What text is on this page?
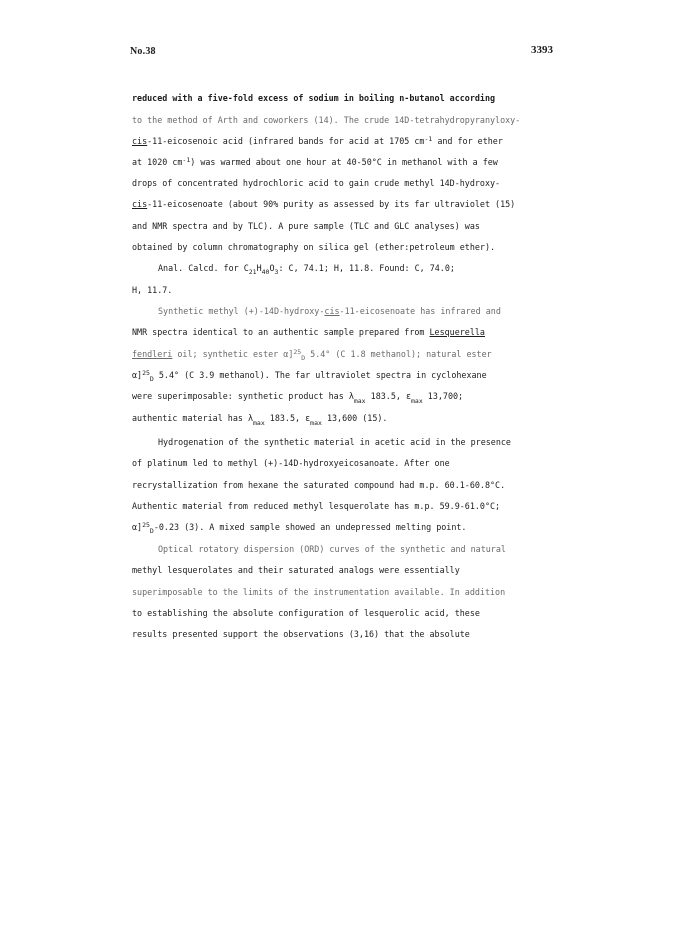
No.38	3393
reduced with a five-fold excess of sodium in boiling n-butanol according
to the method of Arth and coworkers (14). The crude 14D-tetrahydropyranyloxy-
cis-11-eicosenoic acid (infrared bands for acid at 1705 $cm^{-1}$ and for ether
at 1020 $cm^{-1}$) was warmed about one hour at 40-50°C in methanol with a few
drops of concentrated hydrochloric acid to gain crude methyl 14D-hydroxy-
cis-11-eicosenoate (about 90% purity as assessed by its far ultraviolet (15)
and NMR spectra and by TLC). A pure sample (TLC and GLC analyses) was
obtained by column chromatography on silica gel (ether:petroleum ether).
Anal. Calcd. for $C_{21}H_{40}O_3$: C, 74.1; H, 11.8. Found: C, 74.0;
H, 11.7.
Synthetic methyl (+)-14D-hydroxy-cis-11-eicosenoate has infrared and
NMR spectra identical to an authentic sample prepared from Lesquerella
fendleri oil; synthetic ester α]$^{25}_D$ 5.4° (C 1.8 methanol); natural ester
α]$^{25}_D$ 5.4° (C 3.9 methanol). The far ultraviolet spectra in cyclohexane
were superimposable: synthetic product has $\lambda_{max}$ 183.5, $\varepsilon_{max}$ 13,700;
authentic material has $\lambda_{max}$ 183.5, $\varepsilon_{max}$ 13,600 (15).
Hydrogenation of the synthetic material in acetic acid in the presence
of platinum led to methyl (+)-14D-hydroxyeicosanoate. After one
recrystallization from hexane the saturated compound had m.p. 60.1-60.8°C.
Authentic material from reduced methyl lesquerolate has m.p. 59.9-61.0°C;
α]$^{25}_D$-0.23 (3). A mixed sample showed an undepressed melting point.
Optical rotatory dispersion (ORD) curves of the synthetic and natural
methyl lesquerolates and their saturated analogs were essentially
superimposable to the limits of the instrumentation available. In addition
to establishing the absolute configuration of lesquerolic acid, these
results presented support the observations (3,16) that the absolute
